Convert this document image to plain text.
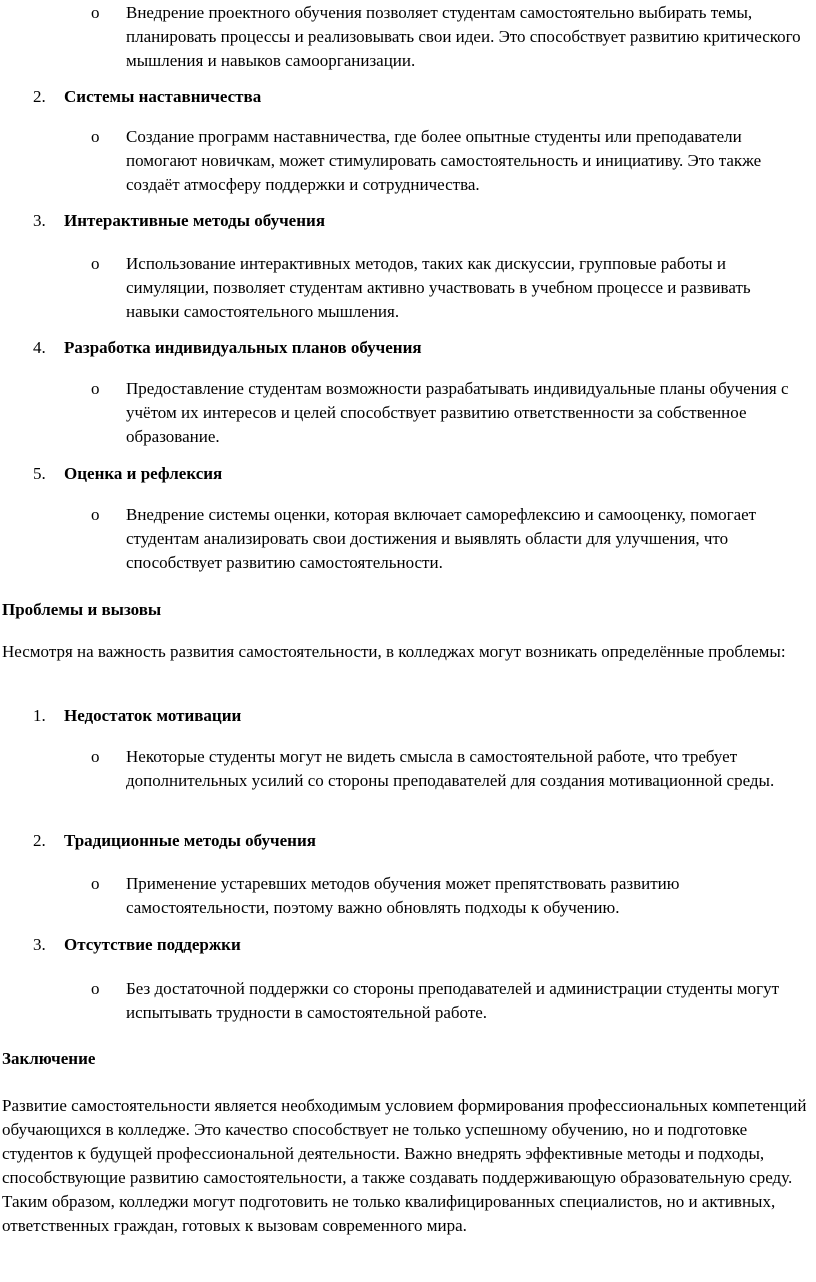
o Внедрение проектного обучения позволяет студентам самостоятельно выбирать темы, планировать процессы и реализовывать свои идеи. Это способствует развитию критического мышления и навыков самоорганизации.

2. Системы наставничества

o Создание программ наставничества, где более опытные студенты или преподаватели помогают новичкам, может стимулировать самостоятельность и инициативу. Это также создаёт атмосферу поддержки и сотрудничества.

3. Интерактивные методы обучения

o Использование интерактивных методов, таких как дискуссии, групповые работы и симуляции, позволяет студентам активно участвовать в учебном процессе и развивать навыки самостоятельного мышления.

4. Разработка индивидуальных планов обучения

o Предоставление студентам возможности разрабатывать индивидуальные планы обучения с учётом их интересов и целей способствует развитию ответственности за собственное образование.

5. Оценка и рефлексия

o Внедрение системы оценки, которая включает саморефлексию и самооценку, помогает студентам анализировать свои достижения и выявлять области для улучшения, что способствует развитию самостоятельности.

Проблемы и вызовы

Несмотря на важность развития самостоятельности, в колледжах могут возникать определённые проблемы:

1. Недостаток мотивации

o Некоторые студенты могут не видеть смысла в самостоятельной работе, что требует дополнительных усилий со стороны преподавателей для создания мотивационной среды.

2. Традиционные методы обучения

o Применение устаревших методов обучения может препятствовать развитию самостоятельности, поэтому важно обновлять подходы к обучению.

3. Отсутствие поддержки

o Без достаточной поддержки со стороны преподавателей и администрации студенты могут испытывать трудности в самостоятельной работе.

Заключение

Развитие самостоятельности является необходимым условием формирования профессиональных компетенций обучающихся в колледже. Это качество способствует не только успешному обучению, но и подготовке студентов к будущей профессиональной деятельности. Важно внедрять эффективные методы и подходы, способствующие развитию самостоятельности, а также создавать поддерживающую образовательную среду. Таким образом, колледжи могут подготовить не только квалифицированных специалистов, но и активных, ответственных граждан, готовых к вызовам современного мира.
